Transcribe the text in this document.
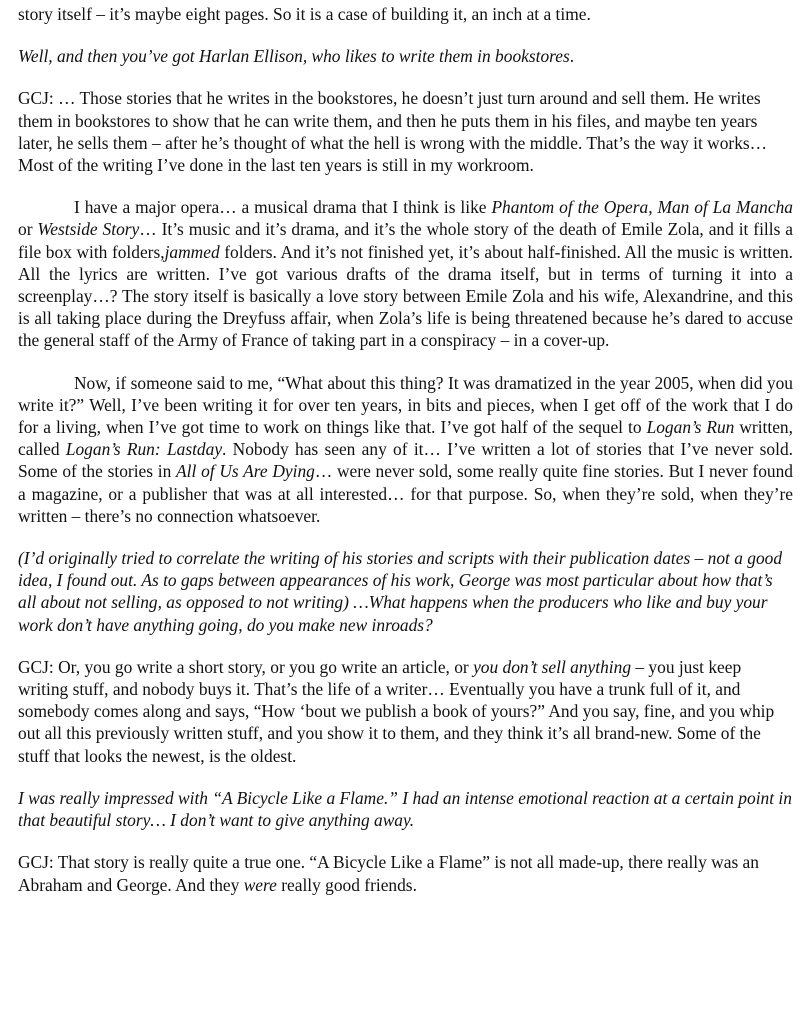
story itself – it’s maybe eight pages. So it is a case of building it, an inch at a time.

Well, and then you’ve got Harlan Ellison, who likes to write them in bookstores.

GCJ: … Those stories that he writes in the bookstores, he doesn’t just turn around and sell them. He writes them in bookstores to show that he can write them, and then he puts them in his files, and maybe ten years later, he sells them – after he’s thought of what the hell is wrong with the middle. That’s the way it works… Most of the writing I’ve done in the last ten years is still in my workroom.

I have a major opera… a musical drama that I think is like Phantom of the Opera, Man of La Mancha or Westside Story… It’s music and it’s drama, and it’s the whole story of the death of Emile Zola, and it fills a file box with folders,jammed folders. And it’s not finished yet, it’s about half-finished. All the music is written. All the lyrics are written. I’ve got various drafts of the drama itself, but in terms of turning it into a screenplay…? The story itself is basically a love story between Emile Zola and his wife, Alexandrine, and this is all taking place during the Dreyfuss affair, when Zola’s life is being threatened because he’s dared to accuse the general staff of the Army of France of taking part in a conspiracy – in a cover-up.

Now, if someone said to me, “What about this thing? It was dramatized in the year 2005, when did you write it?” Well, I’ve been writing it for over ten years, in bits and pieces, when I get off of the work that I do for a living, when I’ve got time to work on things like that. I’ve got half of the sequel to Logan’s Run written, called Logan’s Run: Lastday. Nobody has seen any of it… I’ve written a lot of stories that I’ve never sold. Some of the stories in All of Us Are Dying… were never sold, some really quite fine stories. But I never found a magazine, or a publisher that was at all interested… for that purpose. So, when they’re sold, when they’re written – there’s no connection whatsoever.

(I’d originally tried to correlate the writing of his stories and scripts with their publication dates – not a good idea, I found out. As to gaps between appearances of his work, George was most particular about how that’s all about not selling, as opposed to not writing) …What happens when the producers who like and buy your work don’t have anything going, do you make new inroads?

GCJ: Or, you go write a short story, or you go write an article, or you don’t sell anything – you just keep writing stuff, and nobody buys it. That’s the life of a writer… Eventually you have a trunk full of it, and somebody comes along and says, “How ‘bout we publish a book of yours?” And you say, fine, and you whip out all this previously written stuff, and you show it to them, and they think it’s all brand-new. Some of the stuff that looks the newest, is the oldest.

I was really impressed with “A Bicycle Like a Flame.” I had an intense emotional reaction at a certain point in that beautiful story… I don’t want to give anything away.

GCJ: That story is really quite a true one. “A Bicycle Like a Flame” is not all made-up, there really was an Abraham and George. And they were really good friends.
